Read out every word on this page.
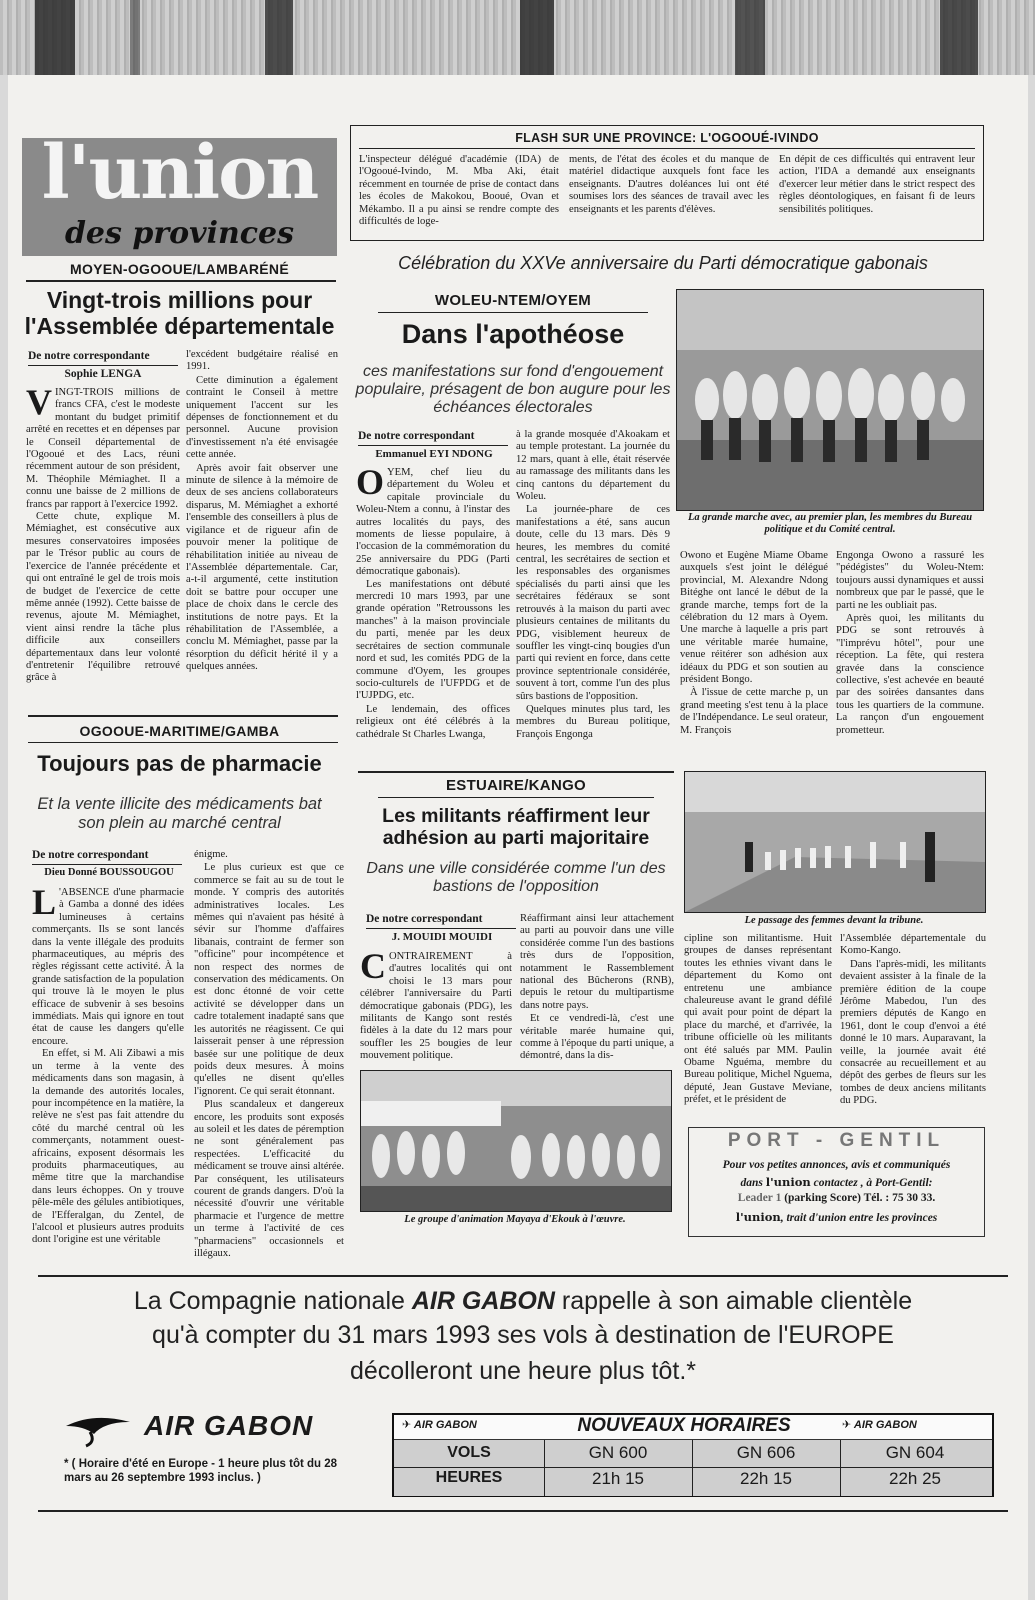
l'union
des provinces
FLASH SUR UNE PROVINCE: L'OGOOUÉ-IVINDO
L'inspecteur délégué d'académie (IDA) de l'Ogooué-Ivindo, M. Mba Aki, était récemment en tournée de prise de contact dans les écoles de Makokou, Booué, Ovan et Mékambo. Il a pu ainsi se rendre compte des difficultés de loge-
ments, de l'état des écoles et du manque de matériel didactique auxquels font face les enseignants. D'autres doléances lui ont été soumises lors des séances de travail avec les enseignants et les parents d'élèves.
En dépit de ces difficultés qui entravent leur action, l'IDA a demandé aux enseignants d'exercer leur métier dans le strict respect des règles déontologiques, en faisant fi de leurs sensibilités politiques.
MOYEN-OGOOUE/LAMBARÉNÉ
Vingt-trois millions pour l'Assemblée départementale
De notre correspondante
Sophie LENGA
VINGT-TROIS millions de francs CFA, c'est le modeste montant du budget primitif arrêté en recettes et en dépenses par le Conseil départemental de l'Ogooué et des Lacs, réuni récemment autour de son président, M. Théophile Mémiaghet. Il a connu une baisse de 2 millions de francs par rapport à l'exercice 1992.

Cette chute, explique M. Mémiaghet, est consécutive aux mesures conservatoires imposées par le Trésor public au cours de l'exercice de l'année précédente et qui ont entraîné le gel de trois mois de budget de l'exercice de cette même année (1992). Cette baisse de revenus, ajoute M. Mémiaghet, vient ainsi rendre la tâche plus difficile aux conseillers départementaux dans leur volonté d'entretenir l'équilibre retrouvé grâce à

l'excédent budgétaire réalisé en 1991.

Cette diminution a également contraint le Conseil à mettre uniquement l'accent sur les dépenses de fonctionnement et du personnel. Aucune provision d'investissement n'a été envisagée cette année.

Après avoir fait observer une minute de silence à la mémoire de deux de ses anciens collaborateurs disparus, M. Mémiaghet a exhorté l'ensemble des conseillers à plus de vigilance et de rigueur afin de pouvoir mener la politique de réhabilitation initiée au niveau de l'Assemblée départementale. Car, a-t-il argumenté, cette institution doit se battre pour occuper une place de choix dans le cercle des institutions de notre pays. Et la réhabilitation de l'Assemblée, a conclu M. Mémiaghet, passe par la résorption du déficit hérité il y a quelques années.

OGOOUE-MARITIME/GAMBA
Toujours pas de pharmacie
Et la vente illicite des médicaments bat son plein au marché central
De notre correspondant
Dieu Donné BOUSSOUGOU
L 'ABSENCE d'une pharmacie à Gamba a donné des idées lumineuses à certains commerçants. Ils se sont lancés dans la vente illégale des produits pharmaceutiques, au mépris des règles régissant cette activité. À la grande satisfaction de la population qui trouve là le moyen le plus efficace de subvenir à ses besoins immédiats. Mais qui ignore en tout état de cause les dangers qu'elle encoure.

En effet, si M. Ali Zibawi a mis un terme à la vente des médicaments dans son magasin, à la demande des autorités locales, pour incompétence en la matière, la relève ne s'est pas fait attendre du côté du marché central où les commerçants, notamment ouest-africains, exposent désormais les produits pharmaceutiques, au même titre que la marchandise dans leurs échoppes. On y trouve pêle-mêle des gélules antibiotiques, de l'Efferalgan, du Zentel, de l'alcool et plusieurs autres produits dont l'origine est une véritable

énigme.

Le plus curieux est que ce commerce se fait au su de tout le monde. Y compris des autorités administratives locales. Les mêmes qui n'avaient pas hésité à sévir sur l'homme d'affaires libanais, contraint de fermer son "officine" pour incompétence et non respect des normes de conservation des médicaments. On est donc étonné de voir cette activité se développer dans un cadre totalement inadapté sans que les autorités ne réagissent. Ce qui laisserait penser à une répression basée sur une politique de deux poids deux mesures. À moins qu'elles ne disent qu'elles l'ignorent. Ce qui serait étonnant.

Plus scandaleux et dangereux encore, les produits sont exposés au soleil et les dates de péremption ne sont généralement pas respectées. L'efficacité du médicament se trouve ainsi altérée. Par conséquent, les utilisateurs courent de grands dangers. D'où la nécessité d'ouvrir une véritable pharmacie et l'urgence de mettre un terme à l'activité de ces "pharmaciens" occasionnels et illégaux.

Célébration du XXVe anniversaire du Parti démocratique gabonais
WOLEU-NTEM/OYEM
Dans l'apothéose
ces manifestations sur fond d'engouement populaire, présagent de bon augure pour les échéances électorales
De notre correspondant
Emmanuel EYI NDONG
OYEM, chef lieu du département du Woleu et capitale provinciale du Woleu-Ntem a connu, à l'instar des autres localités du pays, des moments de liesse populaire, à l'occasion de la commémoration du 25e anniversaire du PDG (Parti démocratique gabonais).

Les manifestations ont débuté mercredi 10 mars 1993, par une grande opération "Retroussons les manches" à la maison provinciale du parti, menée par les deux secrétaires de section communale nord et sud, les comités PDG de la commune d'Oyem, les groupes socio-culturels de l'UFPDG et de l'UJPDG, etc.

Le lendemain, des offices religieux ont été célébrés à la cathédrale St Charles Lwanga,

à la grande mosquée d'Akoakam et au temple protestant. La journée du 12 mars, quant à elle, était réservée au ramassage des militants dans les cinq cantons du département du Woleu.

La journée-phare de ces manifestations a été, sans aucun doute, celle du 13 mars. Dès 9 heures, les membres du comité central, les secrétaires de section et les responsables des organismes spécialisés du parti ainsi que les secrétaires fédéraux se sont retrouvés à la maison du parti avec plusieurs centaines de militants du PDG, visiblement heureux de souffler les vingt-cinq bougies d'un parti qui revient en force, dans cette province septentrionale considérée, souvent à tort, comme l'un des plus sûrs bastions de l'opposition.

Quelques minutes plus tard, les membres du Bureau politique, François Engonga

La grande marche avec, au premier plan, les membres du Bureau politique et du Comité central.

Owono et Eugène Miame Obame auxquels s'est joint le délégué provincial, M. Alexandre Ndong Bitéghe ont lancé le début de la grande marche, temps fort de la célébration du 12 mars à Oyem. Une marche à laquelle a pris part une véritable marée humaine, venue réitérer son adhésion aux idéaux du PDG et son soutien au président Bongo.

À l'issue de cette marche p, un grand meeting s'est tenu à la place de l'Indépendance. Le seul orateur, M. François

Engonga Owono a rassuré les "pédégistes" du Woleu-Ntem: toujours aussi dynamiques et aussi nombreux que par le passé, que le parti ne les oubliait pas.

Après quoi, les militants du PDG se sont retrouvés à "l'imprévu hôtel", pour une réception. La fête, qui restera gravée dans la conscience collective, s'est achevée en beauté par des soirées dansantes dans tous les quartiers de la commune. La rançon d'un engouement prometteur.

ESTUAIRE/KANGO
Les militants réaffirment leur adhésion au parti majoritaire
Dans une ville considérée comme l'un des bastions de l'opposition
De notre correspondant
J. MOUIDI MOUIDI
CONTRAIREMENT à d'autres localités qui ont choisi le 13 mars pour célébrer l'anniversaire du Parti démocratique gabonais (PDG), les militants de Kango sont restés fidèles à la date du 12 mars pour souffler les 25 bougies de leur mouvement politique.

Réaffirmant ainsi leur attachement au parti au pouvoir dans une ville considérée comme l'un des bastions très durs de l'opposition, notamment le Rassemblement national des Bûcherons (RNB), depuis le retour du multipartisme dans notre pays.

Et ce vendredi-là, c'est une véritable marée humaine qui, comme à l'époque du parti unique, a démontré, dans la dis-

Le passage des femmes devant la tribune.

cipline son militantisme. Huit groupes de danses représentant toutes les ethnies vivant dans le département du Komo ont entretenu une ambiance chaleureuse avant le grand défilé qui avait pour point de départ la place du marché, et d'arrivée, la tribune officielle où les militants ont été salués par MM. Paulin Obame Nguéma, membre du Bureau politique, Michel Nguema, député, Jean Gustave Meviane, préfet, et le président de

l'Assemblée départementale du Komo-Kango.

Dans l'après-midi, les militants devaient assister à la finale de la première édition de la coupe Jérôme Mabedou, l'un des premiers députés de Kango en 1961, dont le coup d'envoi a été donné le 10 mars. Auparavant, la veille, la journée avait été consacrée au recueillement et au dépôt des gerbes de fleurs sur les tombes de deux anciens militants du PDG.

Le groupe d'animation Mayaya d'Ekouk à l'œuvre.
PORT - GENTIL
Pour vos petites annonces, avis et communiqués
dans l'union contactez , à Port-Gentil:
Leader 1 (parking Score) Tél. : 75 30 33.
l'union, trait d'union entre les provinces
La Compagnie nationale AIR GABON rappelle à son aimable clientèle
qu'à compter du 31 mars 1993 ses vols à destination de l'EUROPE
décolleront une heure plus tôt.*
AIR GABON
* ( Horaire d'été en Europe - 1 heure plus tôt du 28 mars au 26 septembre 1993 inclus. )
✈ AIR GABON	NOUVEAUX HORAIRES	✈ AIR GABON
VOLS
HEURES
GN 600
21h 15
GN 606
22h 15
GN 604
22h 25
